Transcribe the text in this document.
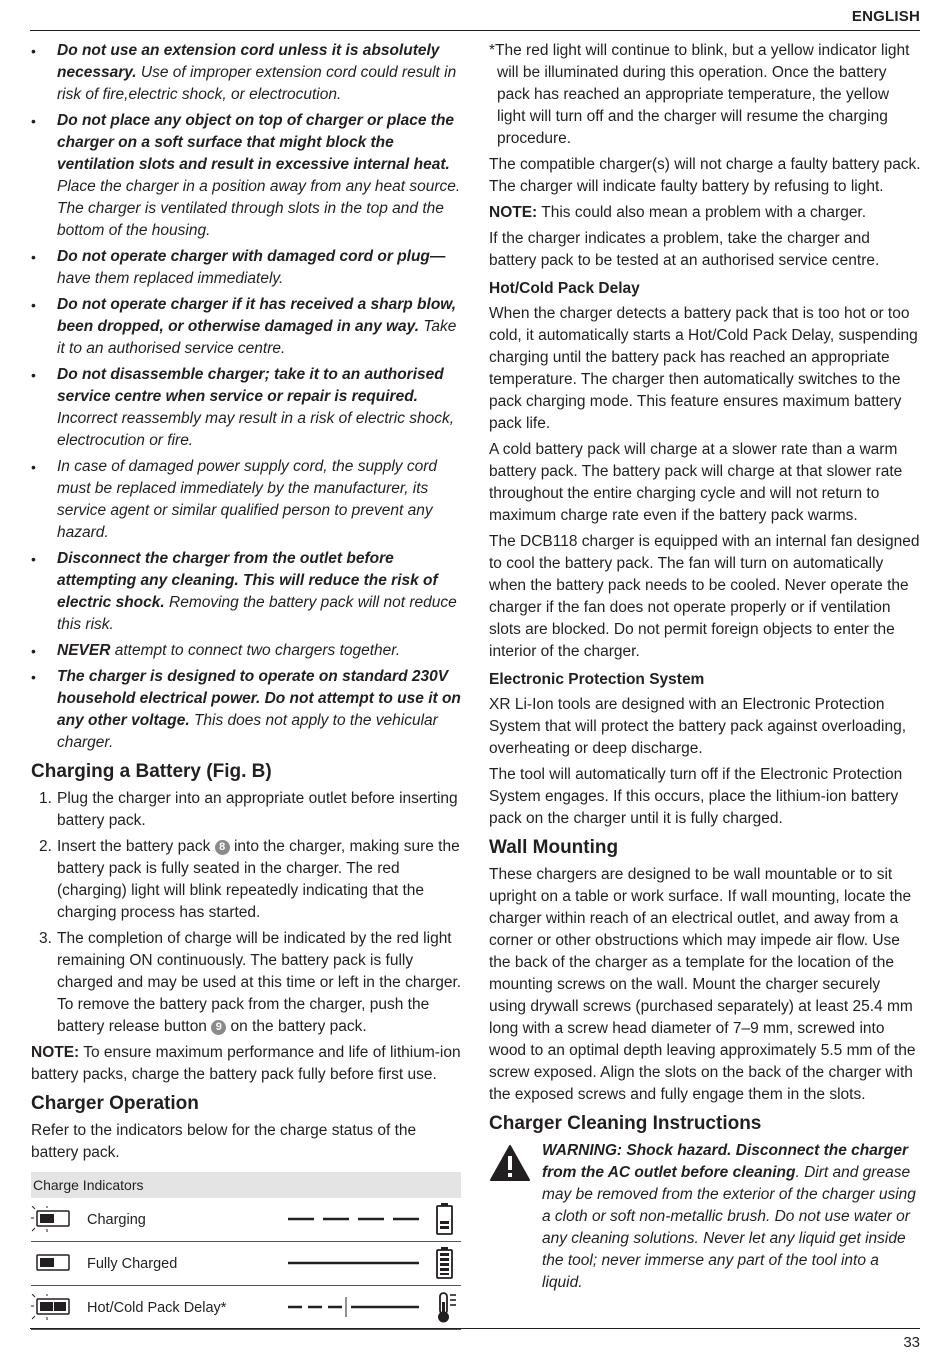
ENGLISH
• Do not use an extension cord unless it is absolutely necessary. Use of improper extension cord could result in risk of fire,electric shock, or electrocution.
• Do not place any object on top of charger or place the charger on a soft surface that might block the ventilation slots and result in excessive internal heat. Place the charger in a position away from any heat source. The charger is ventilated through slots in the top and the bottom of the housing.
• Do not operate charger with damaged cord or plug— have them replaced immediately.
• Do not operate charger if it has received a sharp blow, been dropped, or otherwise damaged in any way. Take it to an authorised service centre.
• Do not disassemble charger; take it to an authorised service centre when service or repair is required. Incorrect reassembly may result in a risk of electric shock, electrocution or fire.
• In case of damaged power supply cord, the supply cord must be replaced immediately by the manufacturer, its service agent or similar qualified person to prevent any hazard.
• Disconnect the charger from the outlet before attempting any cleaning. This will reduce the risk of electric shock. Removing the battery pack will not reduce this risk.
• NEVER attempt to connect two chargers together.
• The charger is designed to operate on standard 230V household electrical power. Do not attempt to use it on any other voltage. This does not apply to the vehicular charger.
Charging a Battery (Fig. B)
1. Plug the charger into an appropriate outlet before inserting battery pack.
2. Insert the battery pack 8 into the charger, making sure the battery pack is fully seated in the charger. The red (charging) light will blink repeatedly indicating that the charging process has started.
3. The completion of charge will be indicated by the red light remaining ON continuously. The battery pack is fully charged and may be used at this time or left in the charger. To remove the battery pack from the charger, push the battery release button 9 on the battery pack.

NOTE: To ensure maximum performance and life of lithium-ion battery packs, charge the battery pack fully before first use.

Charger Operation

Refer to the indicators below for the charge status of the battery pack.

Charge Indicators
Charging
Fully Charged
Hot/Cold Pack Delay*

*The red light will continue to blink, but a yellow indicator light will be illuminated during this operation. Once the battery pack has reached an appropriate temperature, the yellow light will turn off and the charger will resume the charging procedure.

The compatible charger(s) will not charge a faulty battery pack. The charger will indicate faulty battery by refusing to light.

NOTE: This could also mean a problem with a charger.

If the charger indicates a problem, take the charger and battery pack to be tested at an authorised service centre.

Hot/Cold Pack Delay

When the charger detects a battery pack that is too hot or too cold, it automatically starts a Hot/Cold Pack Delay, suspending charging until the battery pack has reached an appropriate temperature. The charger then automatically switches to the pack charging mode. This feature ensures maximum battery pack life.

A cold battery pack will charge at a slower rate than a warm battery pack. The battery pack will charge at that slower rate throughout the entire charging cycle and will not return to maximum charge rate even if the battery pack warms.

The DCB118 charger is equipped with an internal fan designed to cool the battery pack. The fan will turn on automatically when the battery pack needs to be cooled. Never operate the charger if the fan does not operate properly or if ventilation slots are blocked. Do not permit foreign objects to enter the interior of the charger.

Electronic Protection System

XR Li-Ion tools are designed with an Electronic Protection System that will protect the battery pack against overloading, overheating or deep discharge.

The tool will automatically turn off if the Electronic Protection System engages. If this occurs, place the lithium-ion battery pack on the charger until it is fully charged.

Wall Mounting

These chargers are designed to be wall mountable or to sit upright on a table or work surface. If wall mounting, locate the charger within reach of an electrical outlet, and away from a corner or other obstructions which may impede air flow. Use the back of the charger as a template for the location of the mounting screws on the wall. Mount the charger securely using drywall screws (purchased separately) at least 25.4 mm long with a screw head diameter of 7–9 mm, screwed into wood to an optimal depth leaving approximately 5.5 mm of the screw exposed. Align the slots on the back of the charger with the exposed screws and fully engage them in the slots.

Charger Cleaning Instructions
WARNING: Shock hazard. Disconnect the charger from the AC outlet before cleaning. Dirt and grease may be removed from the exterior of the charger using a cloth or soft non-metallic brush. Do not use water or any cleaning solutions. Never let any liquid get inside the tool; never immerse any part of the tool into a liquid.
33
